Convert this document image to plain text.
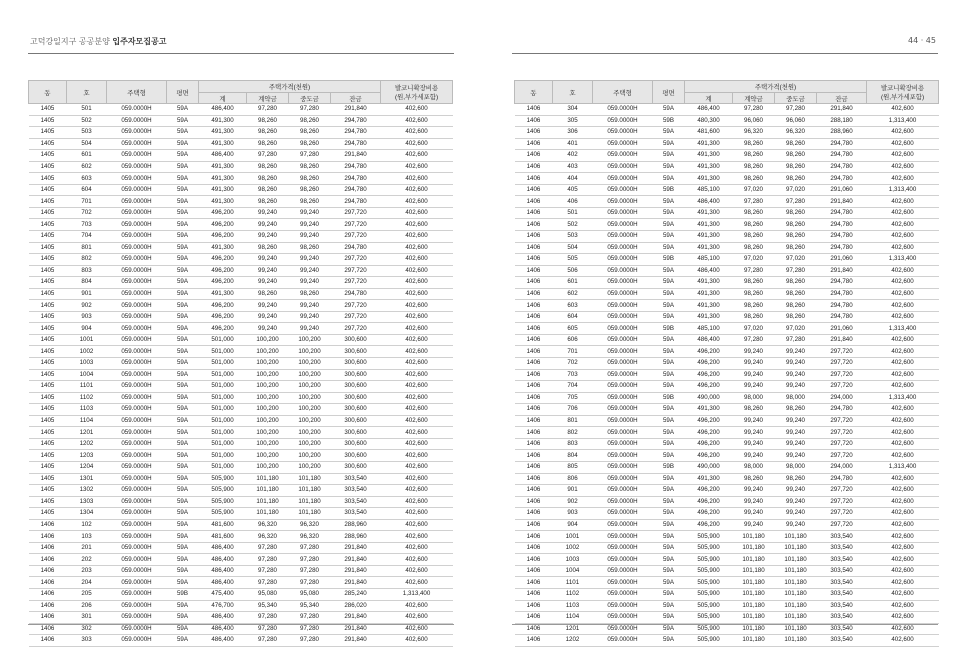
고덕강일지구 공공분양 입주자모집공고	44 · 45
동	호	주택형	평면	주택가격(천원)				발코니확장비용
(원,부가세포함)
				계	계약금	중도금	잔금	
1405	501	059.0000H	59A	486,400	97,280	97,280	291,840	402,600
1405	502	059.0000H	59A	491,300	98,260	98,260	294,780	402,600
1405	503	059.0000H	59A	491,300	98,260	98,260	294,780	402,600
1405	504	059.0000H	59A	491,300	98,260	98,260	294,780	402,600
1405	601	059.0000H	59A	486,400	97,280	97,280	291,840	402,600
1405	602	059.0000H	59A	491,300	98,260	98,260	294,780	402,600
1405	603	059.0000H	59A	491,300	98,260	98,260	294,780	402,600
1405	604	059.0000H	59A	491,300	98,260	98,260	294,780	402,600
1405	701	059.0000H	59A	491,300	98,260	98,260	294,780	402,600
1405	702	059.0000H	59A	496,200	99,240	99,240	297,720	402,600
1405	703	059.0000H	59A	496,200	99,240	99,240	297,720	402,600
1405	704	059.0000H	59A	496,200	99,240	99,240	297,720	402,600
1405	801	059.0000H	59A	491,300	98,260	98,260	294,780	402,600
1405	802	059.0000H	59A	496,200	99,240	99,240	297,720	402,600
1405	803	059.0000H	59A	496,200	99,240	99,240	297,720	402,600
1405	804	059.0000H	59A	496,200	99,240	99,240	297,720	402,600
1405	901	059.0000H	59A	491,300	98,260	98,260	294,780	402,600
1405	902	059.0000H	59A	496,200	99,240	99,240	297,720	402,600
1405	903	059.0000H	59A	496,200	99,240	99,240	297,720	402,600
1405	904	059.0000H	59A	496,200	99,240	99,240	297,720	402,600
1405	1001	059.0000H	59A	501,000	100,200	100,200	300,600	402,600
1405	1002	059.0000H	59A	501,000	100,200	100,200	300,600	402,600
1405	1003	059.0000H	59A	501,000	100,200	100,200	300,600	402,600
1405	1004	059.0000H	59A	501,000	100,200	100,200	300,600	402,600
1405	1101	059.0000H	59A	501,000	100,200	100,200	300,600	402,600
1405	1102	059.0000H	59A	501,000	100,200	100,200	300,600	402,600
1405	1103	059.0000H	59A	501,000	100,200	100,200	300,600	402,600
1405	1104	059.0000H	59A	501,000	100,200	100,200	300,600	402,600
1405	1201	059.0000H	59A	501,000	100,200	100,200	300,600	402,600
1405	1202	059.0000H	59A	501,000	100,200	100,200	300,600	402,600
1405	1203	059.0000H	59A	501,000	100,200	100,200	300,600	402,600
1405	1204	059.0000H	59A	501,000	100,200	100,200	300,600	402,600
1405	1301	059.0000H	59A	505,900	101,180	101,180	303,540	402,600
1405	1302	059.0000H	59A	505,900	101,180	101,180	303,540	402,600
1405	1303	059.0000H	59A	505,900	101,180	101,180	303,540	402,600
1405	1304	059.0000H	59A	505,900	101,180	101,180	303,540	402,600
1406	102	059.0000H	59A	481,600	96,320	96,320	288,960	402,600
1406	103	059.0000H	59A	481,600	96,320	96,320	288,960	402,600
1406	201	059.0000H	59A	486,400	97,280	97,280	291,840	402,600
1406	202	059.0000H	59A	486,400	97,280	97,280	291,840	402,600
1406	203	059.0000H	59A	486,400	97,280	97,280	291,840	402,600
1406	204	059.0000H	59A	486,400	97,280	97,280	291,840	402,600
1406	205	059.0000H	59B	475,400	95,080	95,080	285,240	1,313,400
1406	206	059.0000H	59A	476,700	95,340	95,340	286,020	402,600
1406	301	059.0000H	59A	486,400	97,280	97,280	291,840	402,600
1406	302	059.0000H	59A	486,400	97,280	97,280	291,840	402,600
1406	303	059.0000H	59A	486,400	97,280	97,280	291,840	402,600
동	호	주택형	평면	주택가격(천원)				발코니확장비용
(원,부가세포함)
				계	계약금	중도금	잔금	
1406	304	059.0000H	59A	486,400	97,280	97,280	291,840	402,600
1406	305	059.0000H	59B	480,300	96,060	96,060	288,180	1,313,400
1406	306	059.0000H	59A	481,600	96,320	96,320	288,960	402,600
1406	401	059.0000H	59A	491,300	98,260	98,260	294,780	402,600
1406	402	059.0000H	59A	491,300	98,260	98,260	294,780	402,600
1406	403	059.0000H	59A	491,300	98,260	98,260	294,780	402,600
1406	404	059.0000H	59A	491,300	98,260	98,260	294,780	402,600
1406	405	059.0000H	59B	485,100	97,020	97,020	291,060	1,313,400
1406	406	059.0000H	59A	486,400	97,280	97,280	291,840	402,600
1406	501	059.0000H	59A	491,300	98,260	98,260	294,780	402,600
1406	502	059.0000H	59A	491,300	98,260	98,260	294,780	402,600
1406	503	059.0000H	59A	491,300	98,260	98,260	294,780	402,600
1406	504	059.0000H	59A	491,300	98,260	98,260	294,780	402,600
1406	505	059.0000H	59B	485,100	97,020	97,020	291,060	1,313,400
1406	506	059.0000H	59A	486,400	97,280	97,280	291,840	402,600
1406	601	059.0000H	59A	491,300	98,260	98,260	294,780	402,600
1406	602	059.0000H	59A	491,300	98,260	98,260	294,780	402,600
1406	603	059.0000H	59A	491,300	98,260	98,260	294,780	402,600
1406	604	059.0000H	59A	491,300	98,260	98,260	294,780	402,600
1406	605	059.0000H	59B	485,100	97,020	97,020	291,060	1,313,400
1406	606	059.0000H	59A	486,400	97,280	97,280	291,840	402,600
1406	701	059.0000H	59A	496,200	99,240	99,240	297,720	402,600
1406	702	059.0000H	59A	496,200	99,240	99,240	297,720	402,600
1406	703	059.0000H	59A	496,200	99,240	99,240	297,720	402,600
1406	704	059.0000H	59A	496,200	99,240	99,240	297,720	402,600
1406	705	059.0000H	59B	490,000	98,000	98,000	294,000	1,313,400
1406	706	059.0000H	59A	491,300	98,260	98,260	294,780	402,600
1406	801	059.0000H	59A	496,200	99,240	99,240	297,720	402,600
1406	802	059.0000H	59A	496,200	99,240	99,240	297,720	402,600
1406	803	059.0000H	59A	496,200	99,240	99,240	297,720	402,600
1406	804	059.0000H	59A	496,200	99,240	99,240	297,720	402,600
1406	805	059.0000H	59B	490,000	98,000	98,000	294,000	1,313,400
1406	806	059.0000H	59A	491,300	98,260	98,260	294,780	402,600
1406	901	059.0000H	59A	496,200	99,240	99,240	297,720	402,600
1406	902	059.0000H	59A	496,200	99,240	99,240	297,720	402,600
1406	903	059.0000H	59A	496,200	99,240	99,240	297,720	402,600
1406	904	059.0000H	59A	496,200	99,240	99,240	297,720	402,600
1406	1001	059.0000H	59A	505,900	101,180	101,180	303,540	402,600
1406	1002	059.0000H	59A	505,900	101,180	101,180	303,540	402,600
1406	1003	059.0000H	59A	505,900	101,180	101,180	303,540	402,600
1406	1004	059.0000H	59A	505,900	101,180	101,180	303,540	402,600
1406	1101	059.0000H	59A	505,900	101,180	101,180	303,540	402,600
1406	1102	059.0000H	59A	505,900	101,180	101,180	303,540	402,600
1406	1103	059.0000H	59A	505,900	101,180	101,180	303,540	402,600
1406	1104	059.0000H	59A	505,900	101,180	101,180	303,540	402,600
1406	1201	059.0000H	59A	505,900	101,180	101,180	303,540	402,600
1406	1202	059.0000H	59A	505,900	101,180	101,180	303,540	402,600
